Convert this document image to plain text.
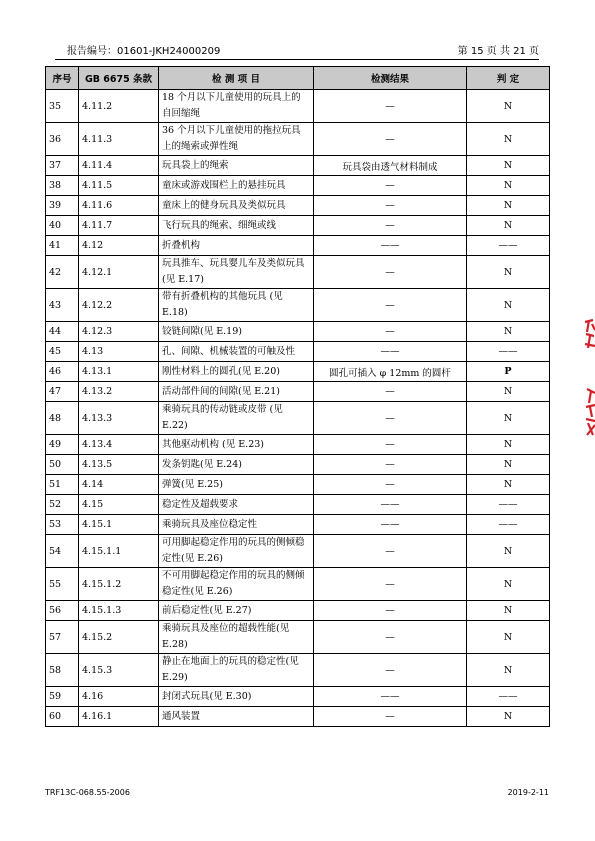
报告编号：01601-JKH24000209	第 15 页 共 21 页
序号	GB 6675 条款	检 测 项 目	检测结果	判 定
35	4.11.2	18 个月以下儿童使用的玩具上的自回缩绳	—	N
36	4.11.3	36 个月以下儿童使用的拖拉玩具上的绳索或弹性绳	—	N
37	4.11.4	玩具袋上的绳索	玩具袋由透气材料制成	N
38	4.11.5	童床或游戏围栏上的悬挂玩具	—	N
39	4.11.6	童床上的健身玩具及类似玩具	—	N
40	4.11.7	飞行玩具的绳索、细绳或线	—	N
41	4.12	折叠机构	——	——
42	4.12.1	玩具推车、玩具婴儿车及类似玩具(见 E.17)	—	N
43	4.12.2	带有折叠机构的其他玩具 (见 E.18)	—	N
44	4.12.3	铰链间隙(见 E.19)	—	N
45	4.13	孔、间隙、机械装置的可触及性	——	——
46	4.13.1	刚性材料上的圆孔(见 E.20)	圆孔可插入 φ 12mm 的圆杆	P
47	4.13.2	活动部件间的间隙(见 E.21)	—	N
48	4.13.3	乘骑玩具的传动链或皮带 (见 E.22)	—	N
49	4.13.4	其他驱动机构 (见 E.23)	—	N
50	4.13.5	发条钥匙(见 E.24)	—	N
51	4.14	弹簧(见 E.25)	—	N
52	4.15	稳定性及超载要求	——	——
53	4.15.1	乘骑玩具及座位稳定性	——	——
54	4.15.1.1	可用脚起稳定作用的玩具的侧倾稳定性(见 E.26)	—	N
55	4.15.1.2	不可用脚起稳定作用的玩具的侧倾稳定性(见 E.26)	—	N
56	4.15.1.3	前后稳定性(见 E.27)	—	N
57	4.15.2	乘骑玩具及座位的超载性能(见 E.28)	—	N
58	4.15.3	静止在地面上的玩具的稳定性(见 E.29)	—	N
59	4.16	封闭式玩具(见 E.30)	——	——
60	4.16.1	通风装置	—	N
TRF13C-068.55-2006	2019-2-11
